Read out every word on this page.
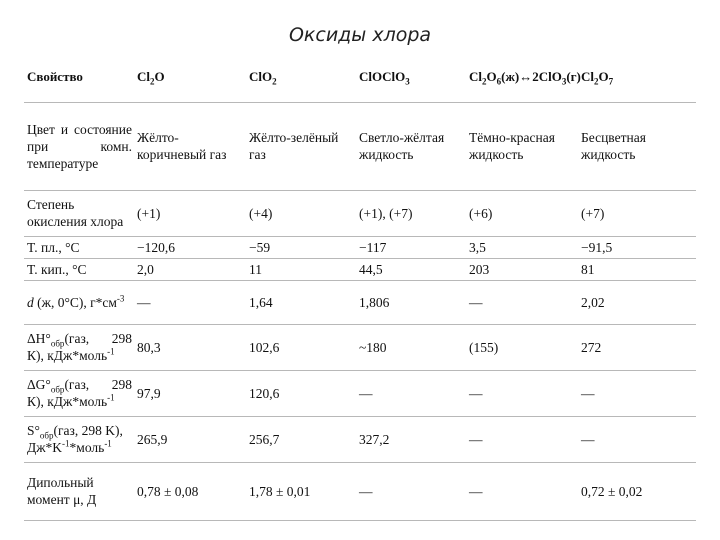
Оксиды хлора
Свойство	$Cl_2O$	ClO$_2$	ClOClO$_3$	$Cl_2O_6(ж)\leftrightarrow 2ClO_3(г)$	$Cl_2O_7$
Цвет и состояние при комн. температуре	Жёлто-коричневый газ	Жёлто-зелёный газ	Светло-жёлтая жидкость	Тёмно-красная жидкость	Бесцветная жидкость
Степень окисления хлора	(+1)	(+4)	(+1), (+7)	(+6)	(+7)
T. пл., °C	−120,6	−59	−117	3,5	−91,5
T. кип., °C	2,0	11	44,5	203	81
d (ж, 0°C), $г*см^{-3}$	—	1,64	1,806	—	2,02
$\Delta H^\circ_{обр}(газ$, 298 К), кДж*моль$^{-1}$	80,3	102,6	~180	(155)	272
$\Delta G^\circ_{обр}(газ$, 298 К), кДж*моль$^{-1}$	97,9	120,6	—	—	—
$S^\circ_{обр}(газ$, 298 K), $Дж*K^{-1}*моль^{-1}$	265,9	256,7	327,2	—	—
Дипольный момент μ, Д	0,78 ± 0,08	1,78 ± 0,01	—	—	0,72 ± 0,02
